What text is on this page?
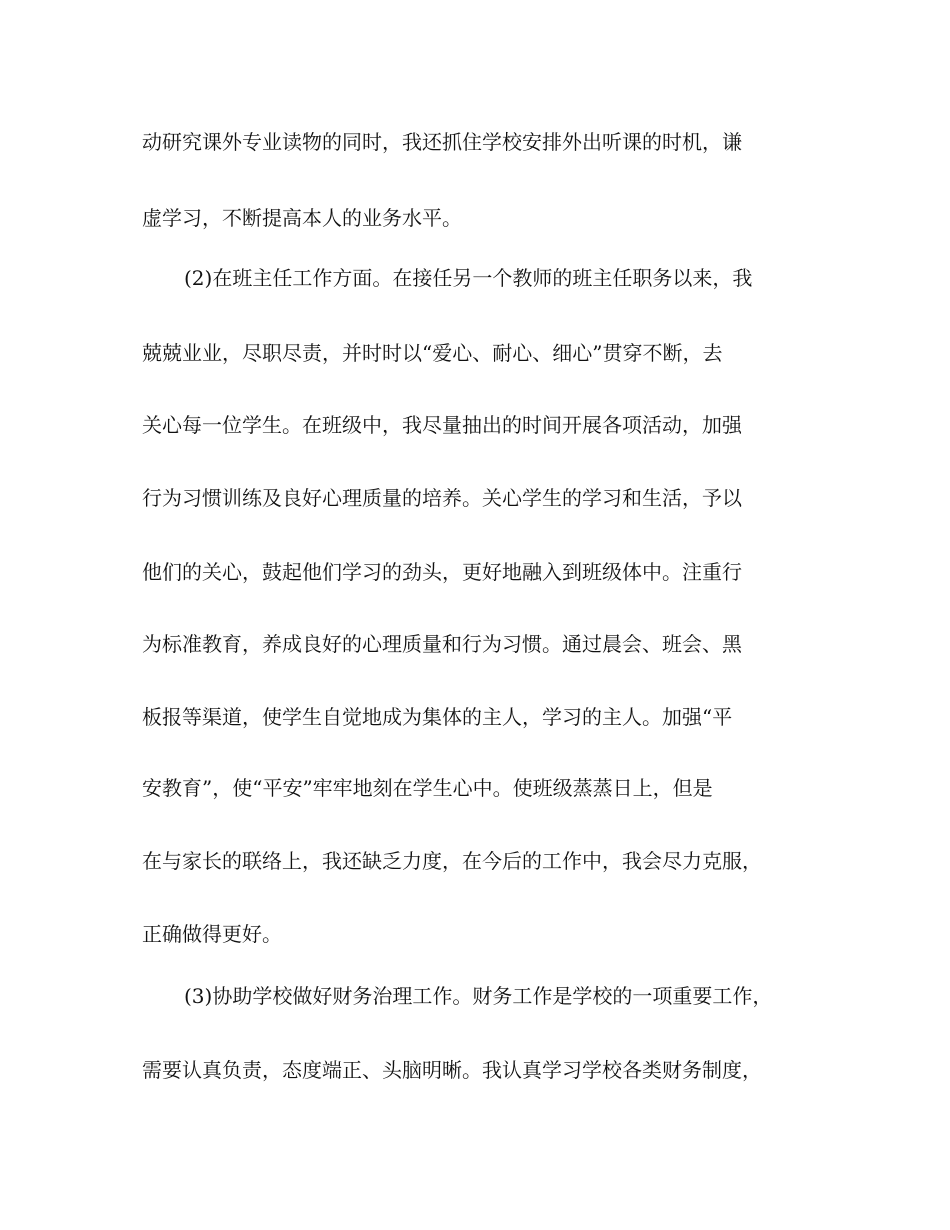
动研究课外专业读物的同时，我还抓住学校安排外出听课的时机，谦

虚学习，不断提高本人的业务水平。

(2)在班主任工作方面。在接任另一个教师的班主任职务以来，我

兢兢业业，尽职尽责，并时时以“爱心、耐心、细心”贯穿不断，去

关心每一位学生。在班级中，我尽量抽出的时间开展各项活动，加强

行为习惯训练及良好心理质量的培养。关心学生的学习和生活，予以

他们的关心，鼓起他们学习的劲头，更好地融入到班级体中。注重行

为标准教育，养成良好的心理质量和行为习惯。通过晨会、班会、黑

板报等渠道，使学生自觉地成为集体的主人，学习的主人。加强“平

安教育”，使“平安”牢牢地刻在学生心中。使班级蒸蒸日上，但是

在与家长的联络上，我还缺乏力度，在今后的工作中，我会尽力克服，

正确做得更好。

(3)协助学校做好财务治理工作。财务工作是学校的一项重要工作，

需要认真负责，态度端正、头脑明晰。我认真学习学校各类财务制度，
